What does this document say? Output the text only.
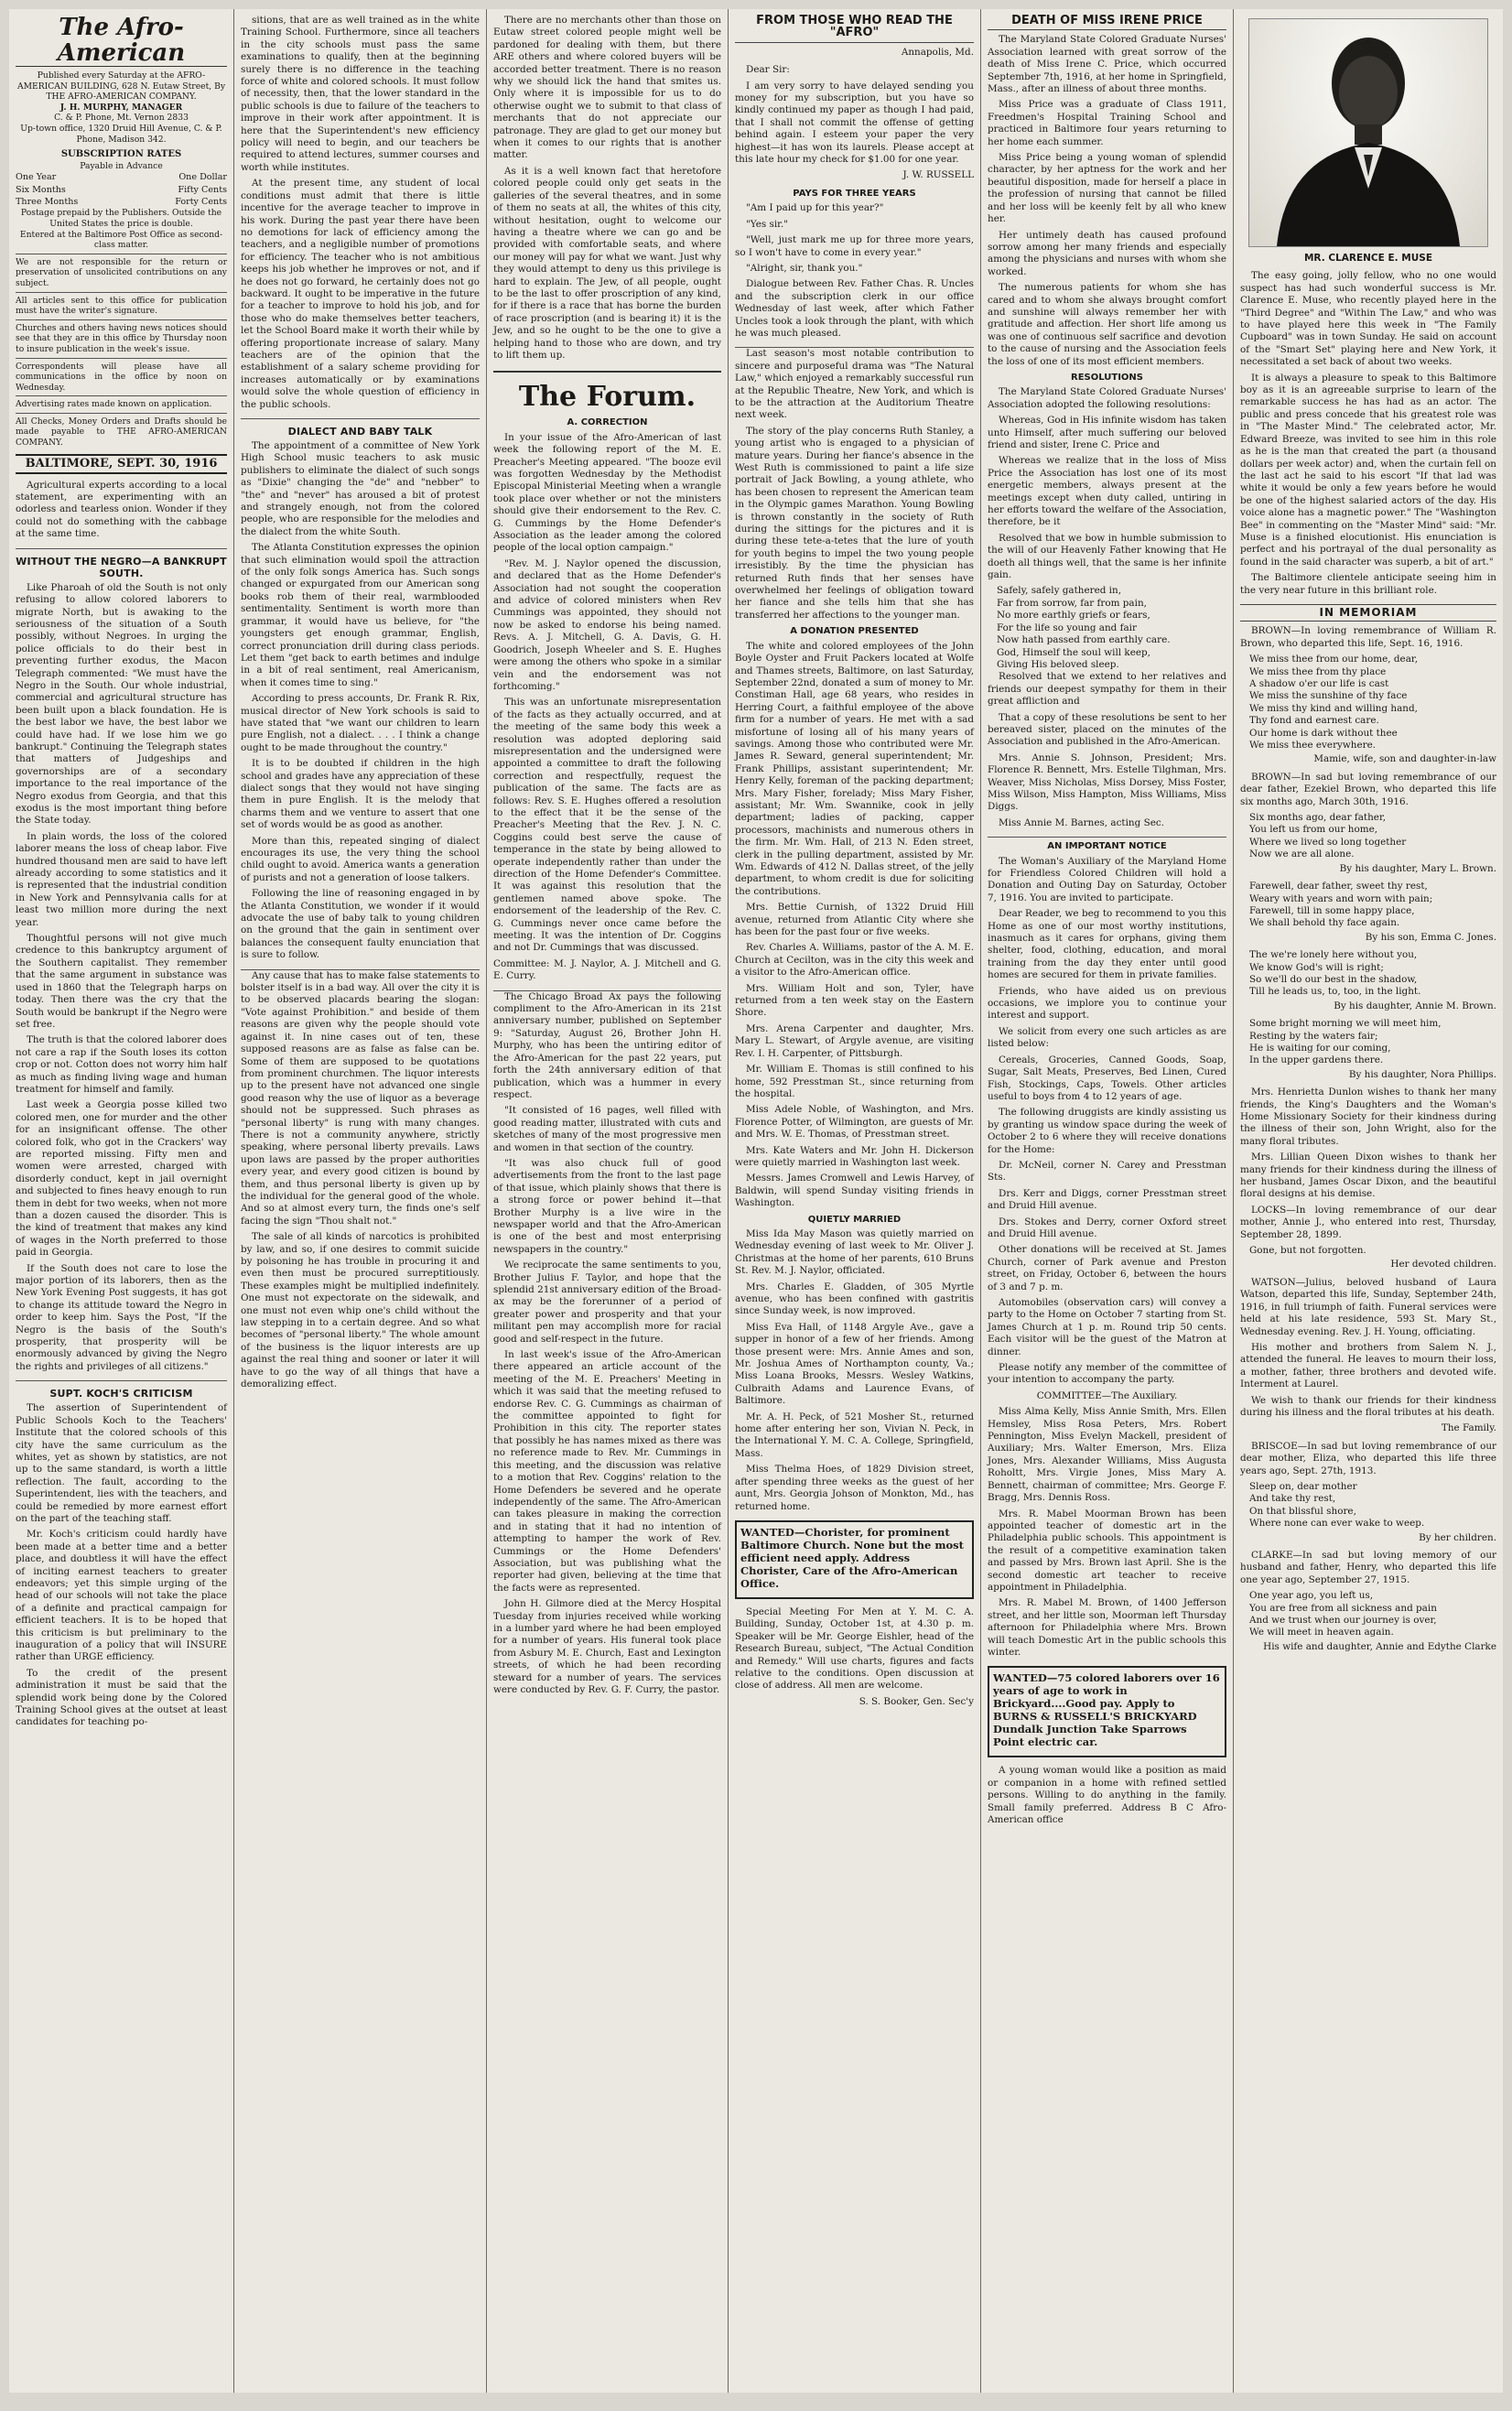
The Afro-American
Published every Saturday at the AFRO-AMERICAN BUILDING, 628 N. Eutaw Street, By THE AFRO-AMERICAN COMPANY.
J. H. MURPHY, MANAGER
C. & P. Phone, Mt. Vernon 2833
Up-town office, 1320 Druid Hill Avenue, C. & P. Phone, Madison 342.
SUBSCRIPTION RATES
Payable in Advance
One Year	One Dollar
Six Months	Fifty Cents
Three Months	Forty Cents
Postage prepaid by the Publishers. Outside the United States the price is double.
Entered at the Baltimore Post Office as second-class matter.
We are not responsible for the return or preservation of unsolicited contributions on any subject.
All articles sent to this office for publication must have the writer's signature.
Churches and others having news notices should see that they are in this office by Thursday noon to insure publication in the week's issue.
Correspondents will please have all communications in the office by noon on Wednesday.
Advertising rates made known on application.
All Checks, Money Orders and Drafts should be made payable to THE AFRO-AMERICAN COMPANY.
BALTIMORE, SEPT. 30, 1916

Agricultural experts according to a local statement, are experimenting with an odorless and tearless onion. Wonder if they could not do something with the cabbage at the same time.

WITHOUT THE NEGRO—A BANKRUPT SOUTH.

Like Pharoah of old the South is not only refusing to allow colored laborers to migrate North, but is awaking to the seriousness of the situation of a South possibly, without Negroes. In urging the police officials to do their best in preventing further exodus, the Macon Telegraph commented: "We must have the Negro in the South. Our whole industrial, commercial and agricultural structure has been built upon a black foundation. He is the best labor we have, the best labor we could have had. If we lose him we go bankrupt." Continuing the Telegraph states that matters of Judgeships and governorships are of a secondary importance to the real importance of the Negro exodus from Georgia, and that this exodus is the most important thing before the State today.

In plain words, the loss of the colored laborer means the loss of cheap labor. Five hundred thousand men are said to have left already according to some statistics and it is represented that the industrial condition in New York and Pennsylvania calls for at least two million more during the next year.

Thoughtful persons will not give much credence to this bankruptcy argument of the Southern capitalist. They remember that the same argument in substance was used in 1860 that the Telegraph harps on today. Then there was the cry that the South would be bankrupt if the Negro were set free.

The truth is that the colored laborer does not care a rap if the South loses its cotton crop or not. Cotton does not worry him half as much as finding living wage and human treatment for himself and family.

Last week a Georgia posse killed two colored men, one for murder and the other for an insignificant offense. The other colored folk, who got in the Crackers' way are reported missing. Fifty men and women were arrested, charged with disorderly conduct, kept in jail overnight and subjected to fines heavy enough to run them in debt for two weeks, when not more than a dozen caused the disorder. This is the kind of treatment that makes any kind of wages in the North preferred to those paid in Georgia.

If the South does not care to lose the major portion of its laborers, then as the New York Evening Post suggests, it has got to change its attitude toward the Negro in order to keep him. Says the Post, "If the Negro is the basis of the South's prosperity, that prosperity will be enormously advanced by giving the Negro the rights and privileges of all citizens."

SUPT. KOCH'S CRITICISM

The assertion of Superintendent of Public Schools Koch to the Teachers' Institute that the colored schools of this city have the same curriculum as the whites, yet as shown by statistics, are not up to the same standard, is worth a little reflection. The fault, according to the Superintendent, lies with the teachers, and could be remedied by more earnest effort on the part of the teaching staff.

Mr. Koch's criticism could hardly have been made at a better time and a better place, and doubtless it will have the effect of inciting earnest teachers to greater endeavors; yet this simple urging of the head of our schools will not take the place of a definite and practical campaign for efficient teachers. It is to be hoped that this criticism is but preliminary to the inauguration of a policy that will INSURE rather than URGE efficiency.

To the credit of the present administration it must be said that the splendid work being done by the Colored Training School gives at the outset at least candidates for teaching po-

sitions, that are as well trained as in the white Training School. Furthermore, since all teachers in the city schools must pass the same examinations to qualify, then at the beginning surely there is no difference in the teaching force of white and colored schools. It must follow of necessity, then, that the lower standard in the public schools is due to failure of the teachers to improve in their work after appointment. It is here that the Superintendent's new efficiency policy will need to begin, and our teachers be required to attend lectures, summer courses and worth while institutes.

At the present time, any student of local conditions must admit that there is little incentive for the average teacher to improve in his work. During the past year there have been no demotions for lack of efficiency among the teachers, and a negligible number of promotions for efficiency. The teacher who is not ambitious keeps his job whether he improves or not, and if he does not go forward, he certainly does not go backward. It ought to be imperative in the future for a teacher to improve to hold his job, and for those who do make themselves better teachers, let the School Board make it worth their while by offering proportionate increase of salary. Many teachers are of the opinion that the establishment of a salary scheme providing for increases automatically or by examinations would solve the whole question of efficiency in the public schools.

DIALECT AND BABY TALK

The appointment of a committee of New York High School music teachers to ask music publishers to eliminate the dialect of such songs as "Dixie" changing the "de" and "nebber" to "the" and "never" has aroused a bit of protest and strangely enough, not from the colored people, who are responsible for the melodies and the dialect from the white South.

The Atlanta Constitution expresses the opinion that such elimination would spoil the attraction of the only folk songs America has. Such songs changed or expurgated from our American song books rob them of their real, warmblooded sentimentality. Sentiment is worth more than grammar, it would have us believe, for "the youngsters get enough grammar, English, correct pronunciation drill during class periods. Let them "get back to earth betimes and indulge in a bit of real sentiment, real Americanism, when it comes time to sing."

According to press accounts, Dr. Frank R. Rix, musical director of New York schools is said to have stated that "we want our children to learn pure English, not a dialect. . . . I think a change ought to be made throughout the country."

It is to be doubted if children in the high school and grades have any appreciation of these dialect songs that they would not have singing them in pure English. It is the melody that charms them and we venture to assert that one set of words would be as good as another.

More than this, repeated singing of dialect encourages its use, the very thing the school child ought to avoid. America wants a generation of purists and not a generation of loose talkers.

Following the line of reasoning engaged in by the Atlanta Constitution, we wonder if it would advocate the use of baby talk to young children on the ground that the gain in sentiment over balances the consequent faulty enunciation that is sure to follow.

Any cause that has to make false statements to bolster itself is in a bad way. All over the city it is to be observed placards bearing the slogan: "Vote against Prohibition." and beside of them reasons are given why the people should vote against it. In nine cases out of ten, these supposed reasons are as false as false can be. Some of them are supposed to be quotations from prominent churchmen. The liquor interests up to the present have not advanced one single good reason why the use of liquor as a beverage should not be suppressed. Such phrases as "personal liberty" is rung with many changes. There is not a community anywhere, strictly speaking, where personal liberty prevails. Laws upon laws are passed by the proper authorities every year, and every good citizen is bound by them, and thus personal liberty is given up by the individual for the general good of the whole. And so at almost every turn, the finds one's self facing the sign "Thou shalt not."

The sale of all kinds of narcotics is prohibited by law, and so, if one desires to commit suicide by poisoning he has trouble in procuring it and even then must be procured surreptitiously. These examples might be multiplied indefinitely. One must not expectorate on the sidewalk, and one must not even whip one's child without the law stepping in to a certain degree. And so what becomes of "personal liberty." The whole amount of the business is the liquor interests are up against the real thing and sooner or later it will have to go the way of all things that have a demoralizing effect.

There are no merchants other than those on Eutaw street colored people might well be pardoned for dealing with them, but there ARE others and where colored buyers will be accorded better treatment. There is no reason why we should lick the hand that smites us. Only where it is impossible for us to do otherwise ought we to submit to that class of merchants that do not appreciate our patronage. They are glad to get our money but when it comes to our rights that is another matter.

As it is a well known fact that heretofore colored people could only get seats in the galleries of the several theatres, and in some of them no seats at all, the whites of this city, without hesitation, ought to welcome our having a theatre where we can go and be provided with comfortable seats, and where our money will pay for what we want. Just why they would attempt to deny us this privilege is hard to explain. The Jew, of all people, ought to be the last to offer proscription of any kind, for if there is a race that has borne the burden of race proscription (and is bearing it) it is the Jew, and so he ought to be the one to give a helping hand to those who are down, and try to lift them up.

The Forum.
A. CORRECTION

In your issue of the Afro-American of last week the following report of the M. E. Preacher's Meeting appeared. "The booze evil was forgotten Wednesday by the Methodist Episcopal Ministerial Meeting when a wrangle took place over whether or not the ministers should give their endorsement to the Rev. C. G. Cummings by the Home Defender's Association as the leader among the colored people of the local option campaign."

"Rev. M. J. Naylor opened the discussion, and declared that as the Home Defender's Association had not sought the cooperation and advice of colored ministers when Rev Cummings was appointed, they should not now be asked to endorse his being named. Revs. A. J. Mitchell, G. A. Davis, G. H. Goodrich, Joseph Wheeler and S. E. Hughes were among the others who spoke in a similar vein and the endorsement was not forthcoming."

This was an unfortunate misrepresentation of the facts as they actually occurred, and at the meeting of the same body this week a resolution was adopted deploring said misrepresentation and the undersigned were appointed a committee to draft the following correction and respectfully, request the publication of the same. The facts are as follows: Rev. S. E. Hughes offered a resolution to the effect that it be the sense of the Preacher's Meeting that the Rev. J. N. C. Coggins could best serve the cause of temperance in the state by being allowed to operate independently rather than under the direction of the Home Defender's Committee. It was against this resolution that the gentlemen named above spoke. The endorsement of the leadership of the Rev. C. G. Cummings never once came before the meeting. It was the intention of Dr. Coggins and not Dr. Cummings that was discussed.

Committee: M. J. Naylor, A. J. Mitchell and G. E. Curry.

The Chicago Broad Ax pays the following compliment to the Afro-American in its 21st anniversary number, published on September 9: "Saturday, August 26, Brother John H. Murphy, who has been the untiring editor of the Afro-American for the past 22 years, put forth the 24th anniversary edition of that publication, which was a hummer in every respect.

"It consisted of 16 pages, well filled with good reading matter, illustrated with cuts and sketches of many of the most progressive men and women in that section of the country.

"It was also chuck full of good advertisements from the front to the last page of that issue, which plainly shows that there is a strong force or power behind it—that Brother Murphy is a live wire in the newspaper world and that the Afro-American is one of the best and most enterprising newspapers in the country."

We reciprocate the same sentiments to you, Brother Julius F. Taylor, and hope that the splendid 21st anniversary edition of the Broad-ax may be the forerunner of a period of greater power and prosperity and that your militant pen may accomplish more for racial good and self-respect in the future.

In last week's issue of the Afro-American there appeared an article account of the meeting of the M. E. Preachers' Meeting in which it was said that the meeting refused to endorse Rev. C. G. Cummings as chairman of the committee appointed to fight for Prohibition in this city. The reporter states that possibly he has names mixed as there was no reference made to Rev. Mr. Cummings in this meeting, and the discussion was relative to a motion that Rev. Coggins' relation to the Home Defenders be severed and he operate independently of the same. The Afro-American can takes pleasure in making the correction and in stating that it had no intention of attempting to hamper the work of Rev. Cummings or the Home Defenders' Association, but was publishing what the reporter had given, believing at the time that the facts were as represented.

John H. Gilmore died at the Mercy Hospital Tuesday from injuries received while working in a lumber yard where he had been employed for a number of years. His funeral took place from Asbury M. E. Church, East and Lexington streets, of which he had been recording steward for a number of years. The services were conducted by Rev. G. F. Curry, the pastor.

FROM THOSE WHO READ THE "AFRO"
Annapolis, Md.

Dear Sir:

I am very sorry to have delayed sending you money for my subscription, but you have so kindly continued my paper as though I had paid, that I shall not commit the offense of getting behind again. I esteem your paper the very highest—it has won its laurels. Please accept at this late hour my check for $1.00 for one year.

J. W. RUSSELL
PAYS FOR THREE YEARS

"Am I paid up for this year?"

"Yes sir."

"Well, just mark me up for three more years, so I won't have to come in every year."

"Alright, sir, thank you."

Dialogue between Rev. Father Chas. R. Uncles and the subscription clerk in our office Wednesday of last week, after which Father Uncles took a look through the plant, with which he was much pleased.

Last season's most notable contribution to sincere and purposeful drama was "The Natural Law," which enjoyed a remarkably successful run at the Republic Theatre, New York, and which is to be the attraction at the Auditorium Theatre next week.

The story of the play concerns Ruth Stanley, a young artist who is engaged to a physician of mature years. During her fiance's absence in the West Ruth is commissioned to paint a life size portrait of Jack Bowling, a young athlete, who has been chosen to represent the American team in the Olympic games Marathon. Young Bowling is thrown constantly in the society of Ruth during the sittings for the pictures and it is during these tete-a-tetes that the lure of youth for youth begins to impel the two young people irresistibly. By the time the physician has returned Ruth finds that her senses have overwhelmed her feelings of obligation toward her fiance and she tells him that she has transferred her affections to the younger man.

A DONATION PRESENTED

The white and colored employees of the John Boyle Oyster and Fruit Packers located at Wolfe and Thames streets, Baltimore, on last Saturday, September 22nd, donated a sum of money to Mr. Constiman Hall, age 68 years, who resides in Herring Court, a faithful employee of the above firm for a number of years. He met with a sad misfortune of losing all of his many years of savings. Among those who contributed were Mr. James R. Seward, general superintendent; Mr. Frank Phillips, assistant superintendent; Mr. Henry Kelly, foreman of the packing department; Mrs. Mary Fisher, forelady; Miss Mary Fisher, assistant; Mr. Wm. Swannike, cook in jelly department; ladies of packing, capper processors, machinists and numerous others in the firm. Mr. Wm. Hall, of 213 N. Eden street, clerk in the pulling department, assisted by Mr. Wm. Edwards of 412 N. Dallas street, of the jelly department, to whom credit is due for soliciting the contributions.

Mrs. Bettie Curnish, of 1322 Druid Hill avenue, returned from Atlantic City where she has been for the past four or five weeks.

Rev. Charles A. Williams, pastor of the A. M. E. Church at Cecilton, was in the city this week and a visitor to the Afro-American office.

Mrs. William Holt and son, Tyler, have returned from a ten week stay on the Eastern Shore.

Mrs. Arena Carpenter and daughter, Mrs. Mary L. Stewart, of Argyle avenue, are visiting Rev. I. H. Carpenter, of Pittsburgh.

Mr. William E. Thomas is still confined to his home, 592 Presstman St., since returning from the hospital.

Miss Adele Noble, of Washington, and Mrs. Florence Potter, of Wilmington, are guests of Mr. and Mrs. W. E. Thomas, of Presstman street.

Mrs. Kate Waters and Mr. John H. Dickerson were quietly married in Washington last week.

Messrs. James Cromwell and Lewis Harvey, of Baldwin, will spend Sunday visiting friends in Washington.

QUIETLY MARRIED

Miss Ida May Mason was quietly married on Wednesday evening of last week to Mr. Oliver J. Christmas at the home of her parents, 610 Bruns St. Rev. M. J. Naylor, officiated.

Mrs. Charles E. Gladden, of 305 Myrtle avenue, who has been confined with gastritis since Sunday week, is now improved.

Miss Eva Hall, of 1148 Argyle Ave., gave a supper in honor of a few of her friends. Among those present were: Mrs. Annie Ames and son, Mr. Joshua Ames of Northampton county, Va.; Miss Loana Brooks, Messrs. Wesley Watkins, Culbraith Adams and Laurence Evans, of Baltimore.

Mr. A. H. Peck, of 521 Mosher St., returned home after entering her son, Vivian N. Peck, in the International Y. M. C. A. College, Springfield, Mass.

Miss Thelma Hoes, of 1829 Division street, after spending three weeks as the guest of her aunt, Mrs. Georgia Johson of Monkton, Md., has returned home.

WANTED—Chorister, for prominent Baltimore Church. None but the most efficient need apply. Address Chorister, Care of the Afro-American Office.

Special Meeting For Men at Y. M. C. A. Building, Sunday, October 1st, at 4.30 p. m. Speaker will be Mr. George Eishler, head of the Research Bureau, subject, "The Actual Condition and Remedy." Will use charts, figures and facts relative to the conditions. Open discussion at close of address. All men are welcome.

S. S. Booker, Gen. Sec'y
DEATH OF MISS IRENE PRICE

The Maryland State Colored Graduate Nurses' Association learned with great sorrow of the death of Miss Irene C. Price, which occurred September 7th, 1916, at her home in Springfield, Mass., after an illness of about three months.

Miss Price was a graduate of Class 1911, Freedmen's Hospital Training School and practiced in Baltimore four years returning to her home each summer.

Miss Price being a young woman of splendid character, by her aptness for the work and her beautiful disposition, made for herself a place in the profession of nursing that cannot be filled and her loss will be keenly felt by all who knew her.

Her untimely death has caused profound sorrow among her many friends and especially among the physicians and nurses with whom she worked.

The numerous patients for whom she has cared and to whom she always brought comfort and sunshine will always remember her with gratitude and affection. Her short life among us was one of continuous self sacrifice and devotion to the cause of nursing and the Association feels the loss of one of its most efficient members.

RESOLUTIONS

The Maryland State Colored Graduate Nurses' Association adopted the following resolutions:

Whereas, God in His infinite wisdom has taken unto Himself, after much suffering our beloved friend and sister, Irene C. Price and

Whereas we realize that in the loss of Miss Price the Association has lost one of its most energetic members, always present at the meetings except when duty called, untiring in her efforts toward the welfare of the Association, therefore, be it

Resolved that we bow in humble submission to the will of our Heavenly Father knowing that He doeth all things well, that the same is her infinite gain.

Safely, safely gathered in,
Far from sorrow, far from pain,
No more earthly griefs or fears,
For the life so young and fair
Now hath passed from earthly care.
God, Himself the soul will keep,
Giving His beloved sleep.

Resolved that we extend to her relatives and friends our deepest sympathy for them in their great affliction and

That a copy of these resolutions be sent to her bereaved sister, placed on the minutes of the Association and published in the Afro-American.

Mrs. Annie S. Johnson, President; Mrs. Florence R. Bennett, Mrs. Estelle Tilghman, Mrs. Weaver, Miss Nicholas, Miss Dorsey, Miss Foster, Miss Wilson, Miss Hampton, Miss Williams, Miss Diggs.

Miss Annie M. Barnes, acting Sec.

AN IMPORTANT NOTICE

The Woman's Auxiliary of the Maryland Home for Friendless Colored Children will hold a Donation and Outing Day on Saturday, October 7, 1916. You are invited to participate.

Dear Reader, we beg to recommend to you this Home as one of our most worthy institutions, inasmuch as it cares for orphans, giving them shelter, food, clothing, education, and moral training from the day they enter until good homes are secured for them in private families.

Friends, who have aided us on previous occasions, we implore you to continue your interest and support.

We solicit from every one such articles as are listed below:

Cereals, Groceries, Canned Goods, Soap, Sugar, Salt Meats, Preserves, Bed Linen, Cured Fish, Stockings, Caps, Towels. Other articles useful to boys from 4 to 12 years of age.

The following druggists are kindly assisting us by granting us window space during the week of October 2 to 6 where they will receive donations for the Home:

Dr. McNeil, corner N. Carey and Presstman Sts.

Drs. Kerr and Diggs, corner Presstman street and Druid Hill avenue.

Drs. Stokes and Derry, corner Oxford street and Druid Hill avenue.

Other donations will be received at St. James Church, corner of Park avenue and Preston street, on Friday, October 6, between the hours of 3 and 7 p. m.

Automobiles (observation cars) will convey a party to the Home on October 7 starting from St. James Church at 1 p. m. Round trip 50 cents. Each visitor will be the guest of the Matron at dinner.

Please notify any member of the committee of your intention to accompany the party.

COMMITTEE—The Auxiliary.

Miss Alma Kelly, Miss Annie Smith, Mrs. Ellen Hemsley, Miss Rosa Peters, Mrs. Robert Pennington, Miss Evelyn Mackell, president of Auxiliary; Mrs. Walter Emerson, Mrs. Eliza Jones, Mrs. Alexander Williams, Miss Augusta Roholtt, Mrs. Virgie Jones, Miss Mary A. Bennett, chairman of committee; Mrs. George F. Bragg, Mrs. Dennis Ross.

Mrs. R. Mabel Moorman Brown has been appointed teacher of domestic art in the Philadelphia public schools. This appointment is the result of a competitive examination taken and passed by Mrs. Brown last April. She is the second domestic art teacher to receive appointment in Philadelphia.

Mrs. R. Mabel M. Brown, of 1400 Jefferson street, and her little son, Moorman left Thursday afternoon for Philadelphia where Mrs. Brown will teach Domestic Art in the public schools this winter.

WANTED—75 colored laborers over 16 years of age to work in Brickyard....Good pay. Apply to BURNS & RUSSELL'S BRICKYARD Dundalk Junction Take Sparrows Point electric car.

A young woman would like a position as maid or companion in a home with refined settled persons. Willing to do anything in the family. Small family preferred. Address B C Afro-American office

MR. CLARENCE E. MUSE

The easy going, jolly fellow, who no one would suspect has had such wonderful success is Mr. Clarence E. Muse, who recently played here in the "Third Degree" and "Within The Law," and who was to have played here this week in "The Family Cupboard" was in town Sunday. He said on account of the "Smart Set" playing here and New York, it necessitated a set back of about two weeks.

It is always a pleasure to speak to this Baltimore boy as it is an agreeable surprise to learn of the remarkable success he has had as an actor. The public and press concede that his greatest role was in "The Master Mind." The celebrated actor, Mr. Edward Breeze, was invited to see him in this role as he is the man that created the part (a thousand dollars per week actor) and, when the curtain fell on the last act he said to his escort "If that lad was white it would be only a few years before he would be one of the highest salaried actors of the day. His voice alone has a magnetic power." The "Washington Bee" in commenting on the "Master Mind" said: "Mr. Muse is a finished elocutionist. His enunciation is perfect and his portrayal of the dual personality as found in the said character was superb, a bit of art."

The Baltimore clientele anticipate seeing him in the very near future in this brilliant role.

IN MEMORIAM

BROWN—In loving remembrance of William R. Brown, who departed this life, Sept. 16, 1916.

We miss thee from our home, dear,
We miss thee from thy place
A shadow o'er our life is cast
We miss the sunshine of thy face
We miss thy kind and willing hand,
Thy fond and earnest care.
Our home is dark without thee
We miss thee everywhere.
Mamie, wife, son and daughter-in-law

BROWN—In sad but loving remembrance of our dear father, Ezekiel Brown, who departed this life six months ago, March 30th, 1916.

Six months ago, dear father,
You left us from our home,
Where we lived so long together
Now we are all alone.
By his daughter, Mary L. Brown.
Farewell, dear father, sweet thy rest,
Weary with years and worn with pain;
Farewell, till in some happy place,
We shall behold thy face again.
By his son, Emma C. Jones.
The we're lonely here without you,
We know God's will is right;
So we'll do our best in the shadow,
Till he leads us, to, too, in the light.
By his daughter, Annie M. Brown.
Some bright morning we will meet him,
Resting by the waters fair;
He is waiting for our coming,
In the upper gardens there.
By his daughter, Nora Phillips.

Mrs. Henrietta Dunlon wishes to thank her many friends, the King's Daughters and the Woman's Home Missionary Society for their kindness during the illness of their son, John Wright, also for the many floral tributes.

Mrs. Lillian Queen Dixon wishes to thank her many friends for their kindness during the illness of her husband, James Oscar Dixon, and the beautiful floral designs at his demise.

LOCKS—In loving remembrance of our dear mother, Annie J., who entered into rest, Thursday, September 28, 1899.

Gone, but not forgotten.
Her devoted children.

WATSON—Julius, beloved husband of Laura Watson, departed this life, Sunday, September 24th, 1916, in full triumph of faith. Funeral services were held at his late residence, 593 St. Mary St., Wednesday evening. Rev. J. H. Young, officiating.

His mother and brothers from Salem N. J., attended the funeral. He leaves to mourn their loss, a mother, father, three brothers and devoted wife. Interment at Laurel.

We wish to thank our friends for their kindness during his illness and the floral tributes at his death.

The Family.

BRISCOE—In sad but loving remembrance of our dear mother, Eliza, who departed this life three years ago, Sept. 27th, 1913.

Sleep on, dear mother
And take thy rest,
On that blissful shore,
Where none can ever wake to weep.
By her children.

CLARKE—In sad but loving memory of our husband and father, Henry, who departed this life one year ago, September 27, 1915.

One year ago, you left us,
You are free from all sickness and pain
And we trust when our journey is over,
We will meet in heaven again.
His wife and daughter, Annie and Edythe Clarke
